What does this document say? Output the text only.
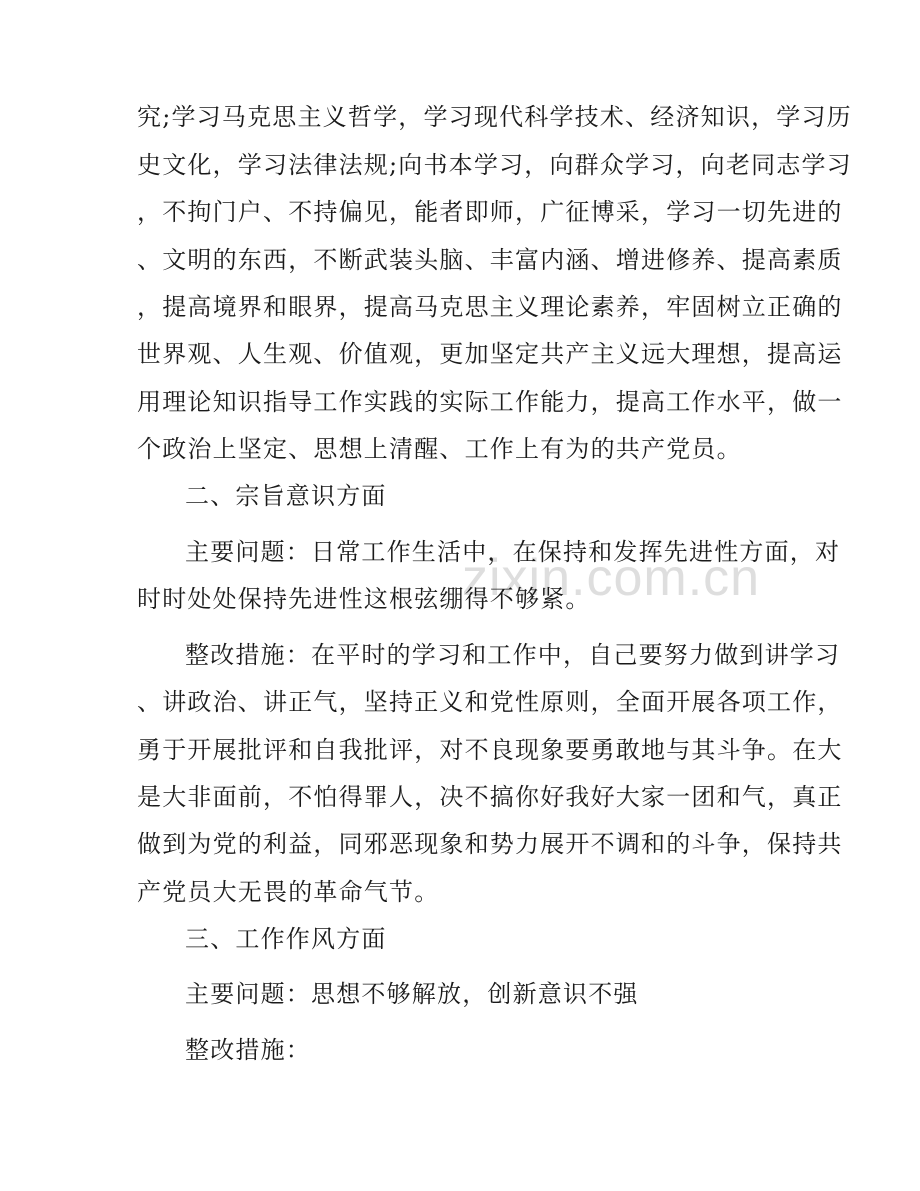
zixin.com.cn
究;学习马克思主义哲学，学习现代科学技术、经济知识，学习历
史文化，学习法律法规;向书本学习，向群众学习，向老同志学习
，不拘门户、不持偏见，能者即师，广征博采，学习一切先进的
、文明的东西，不断武装头脑、丰富内涵、增进修养、提高素质
，提高境界和眼界，提高马克思主义理论素养，牢固树立正确的
世界观、人生观、价值观，更加坚定共产主义远大理想，提高运
用理论知识指导工作实践的实际工作能力，提高工作水平，做一
个政治上坚定、思想上清醒、工作上有为的共产党员。
二、宗旨意识方面
主要问题：日常工作生活中，在保持和发挥先进性方面，对
时时处处保持先进性这根弦绷得不够紧。
整改措施：在平时的学习和工作中，自己要努力做到讲学习
、讲政治、讲正气，坚持正义和党性原则，全面开展各项工作，
勇于开展批评和自我批评，对不良现象要勇敢地与其斗争。在大
是大非面前，不怕得罪人，决不搞你好我好大家一团和气，真正
做到为党的利益，同邪恶现象和势力展开不调和的斗争，保持共
产党员大无畏的革命气节。
三、工作作风方面
主要问题：思想不够解放，创新意识不强
整改措施：
